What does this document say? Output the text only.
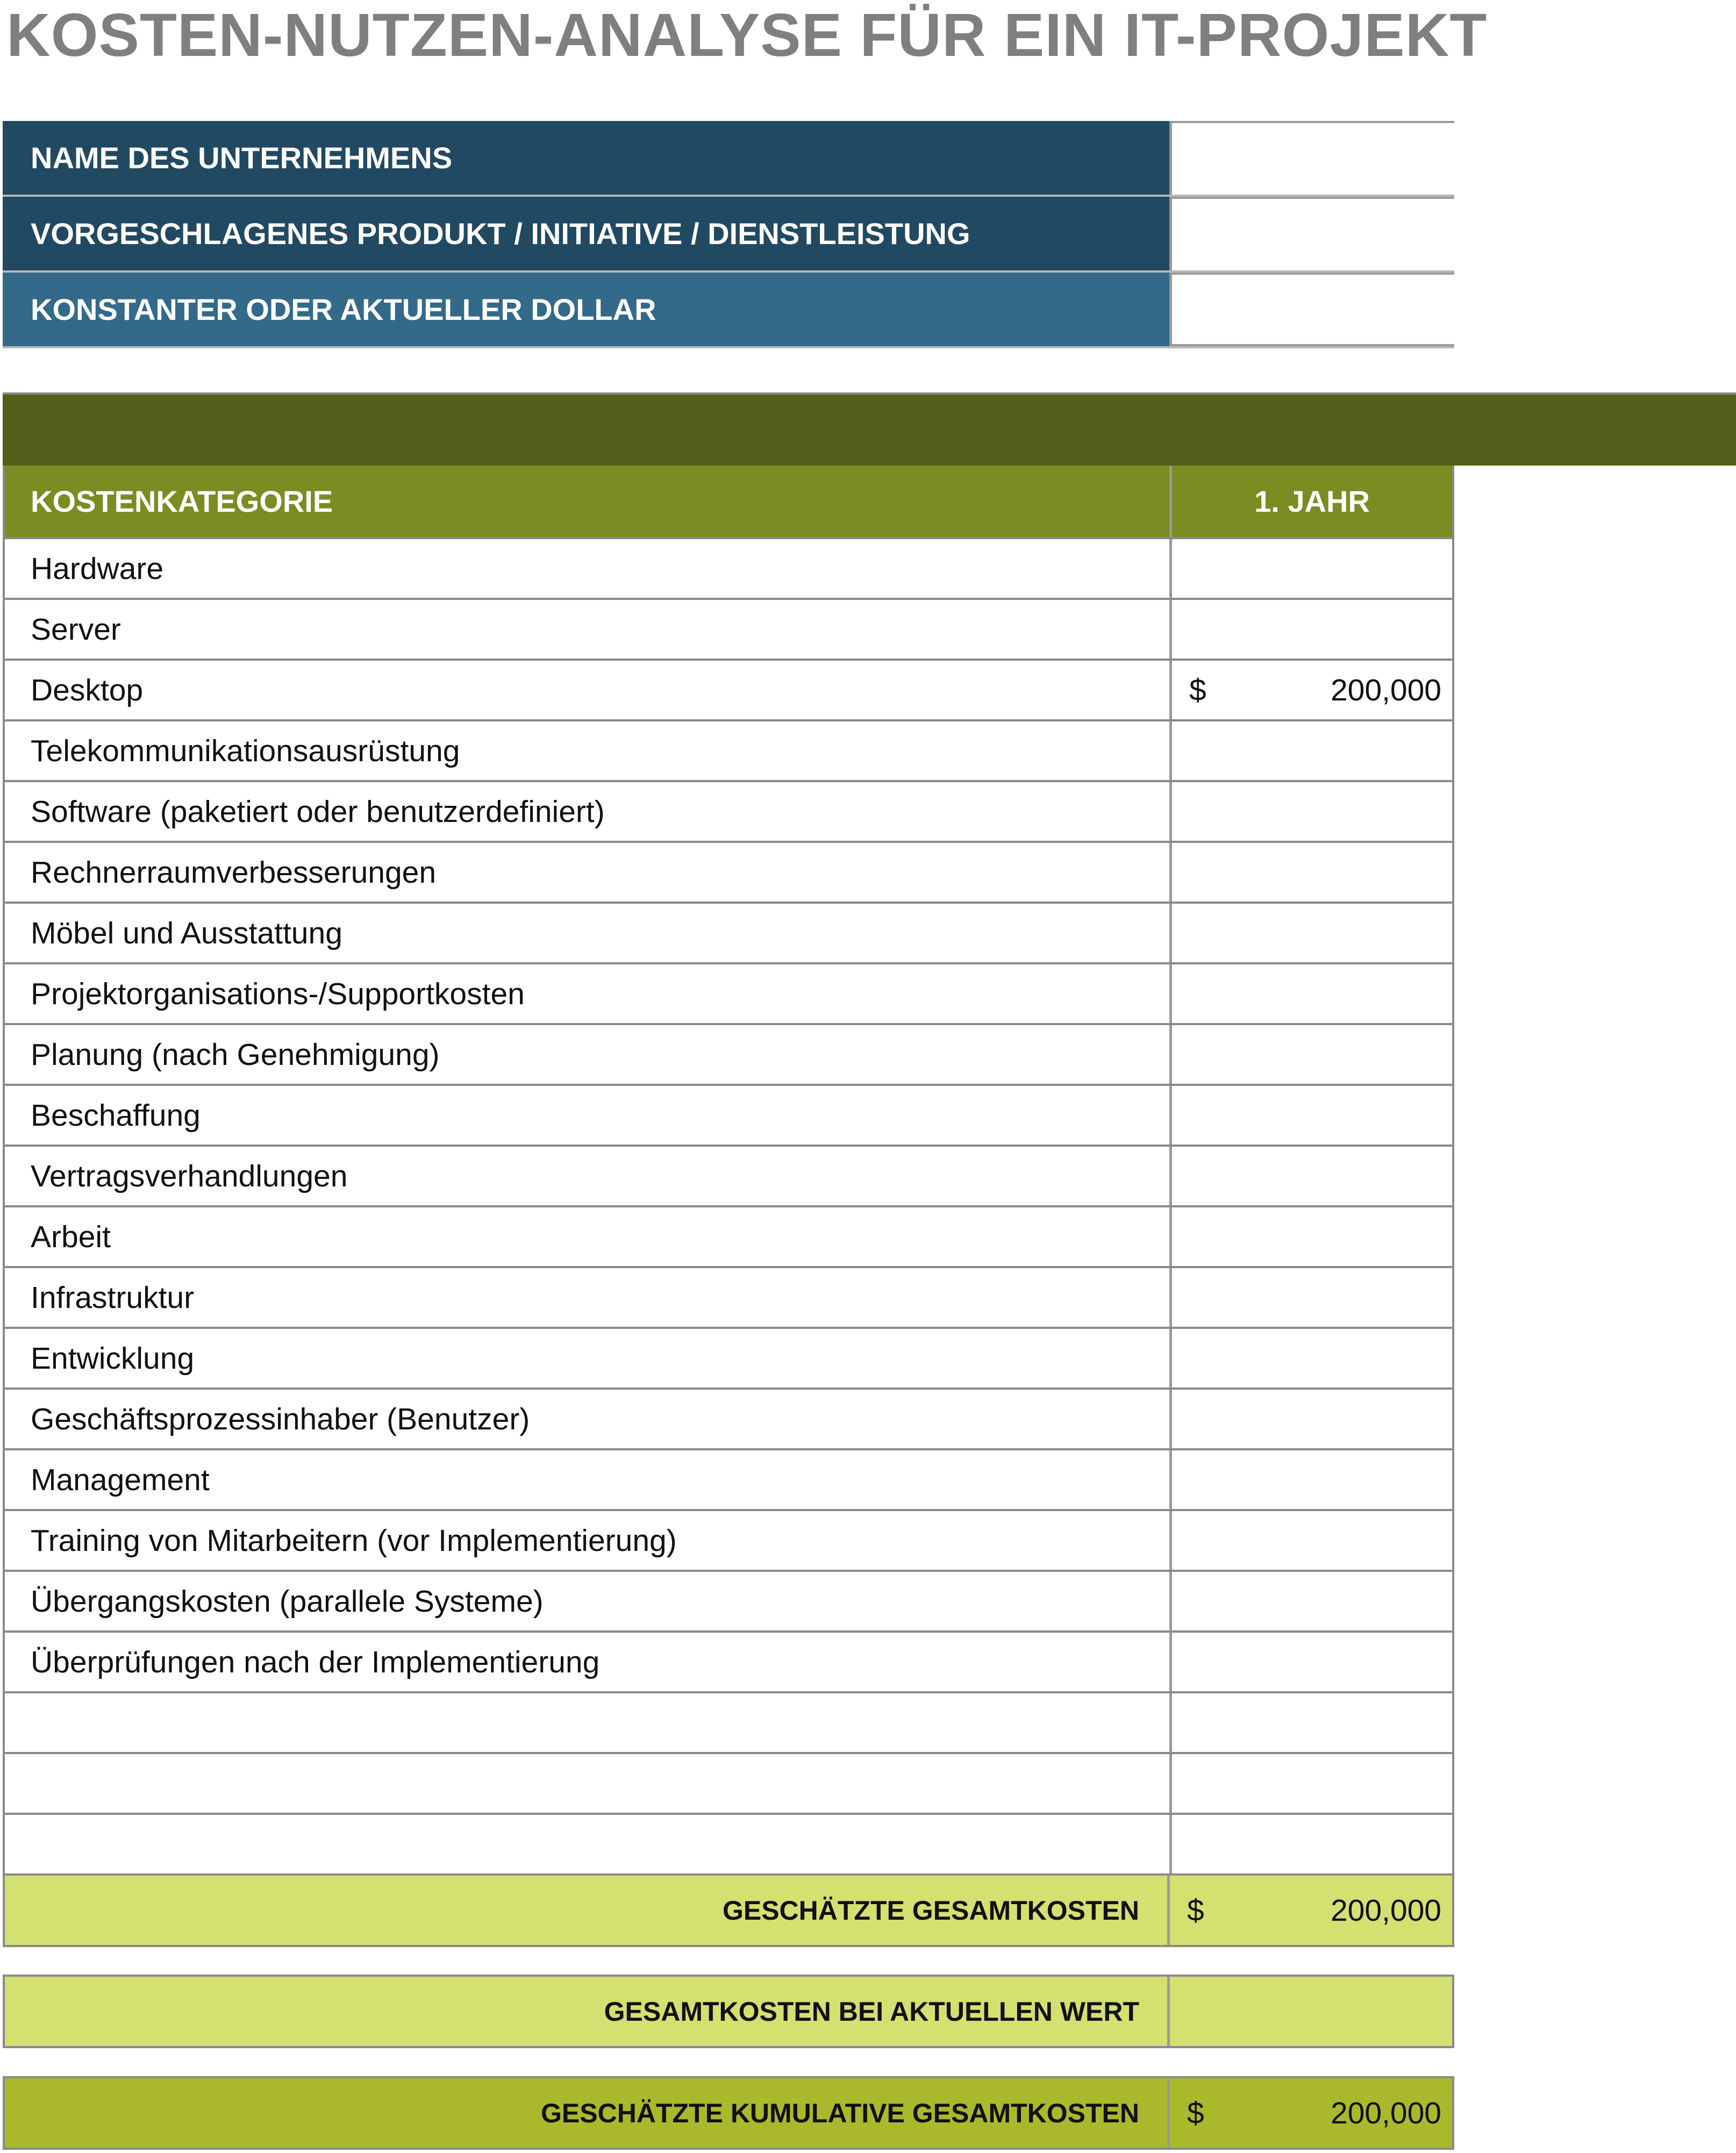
KOSTEN-NUTZEN-ANALYSE FÜR EIN IT-PROJEKT
NAME DES UNTERNEHMENS
VORGESCHLAGENES PRODUKT / INITIATIVE / DIENSTLEISTUNG
KONSTANTER ODER AKTUELLER DOLLAR
KOSTENKATEGORIE	1. JAHR
Hardware
Server
Desktop	$	200,000
Telekommunikationsausrüstung
Software (paketiert oder benutzerdefiniert)
Rechnerraumverbesserungen
Möbel und Ausstattung
Projektorganisations-/Supportkosten
Planung (nach Genehmigung)
Beschaffung
Vertragsverhandlungen
Arbeit
Infrastruktur
Entwicklung
Geschäftsprozessinhaber (Benutzer)
Management
Training von Mitarbeitern (vor Implementierung)
Übergangskosten (parallele Systeme)
Überprüfungen nach der Implementierung
GESCHÄTZTE GESAMTKOSTEN	$	200,000
GESAMTKOSTEN BEI AKTUELLEN WERT
GESCHÄTZTE KUMULATIVE GESAMTKOSTEN	$	200,000
